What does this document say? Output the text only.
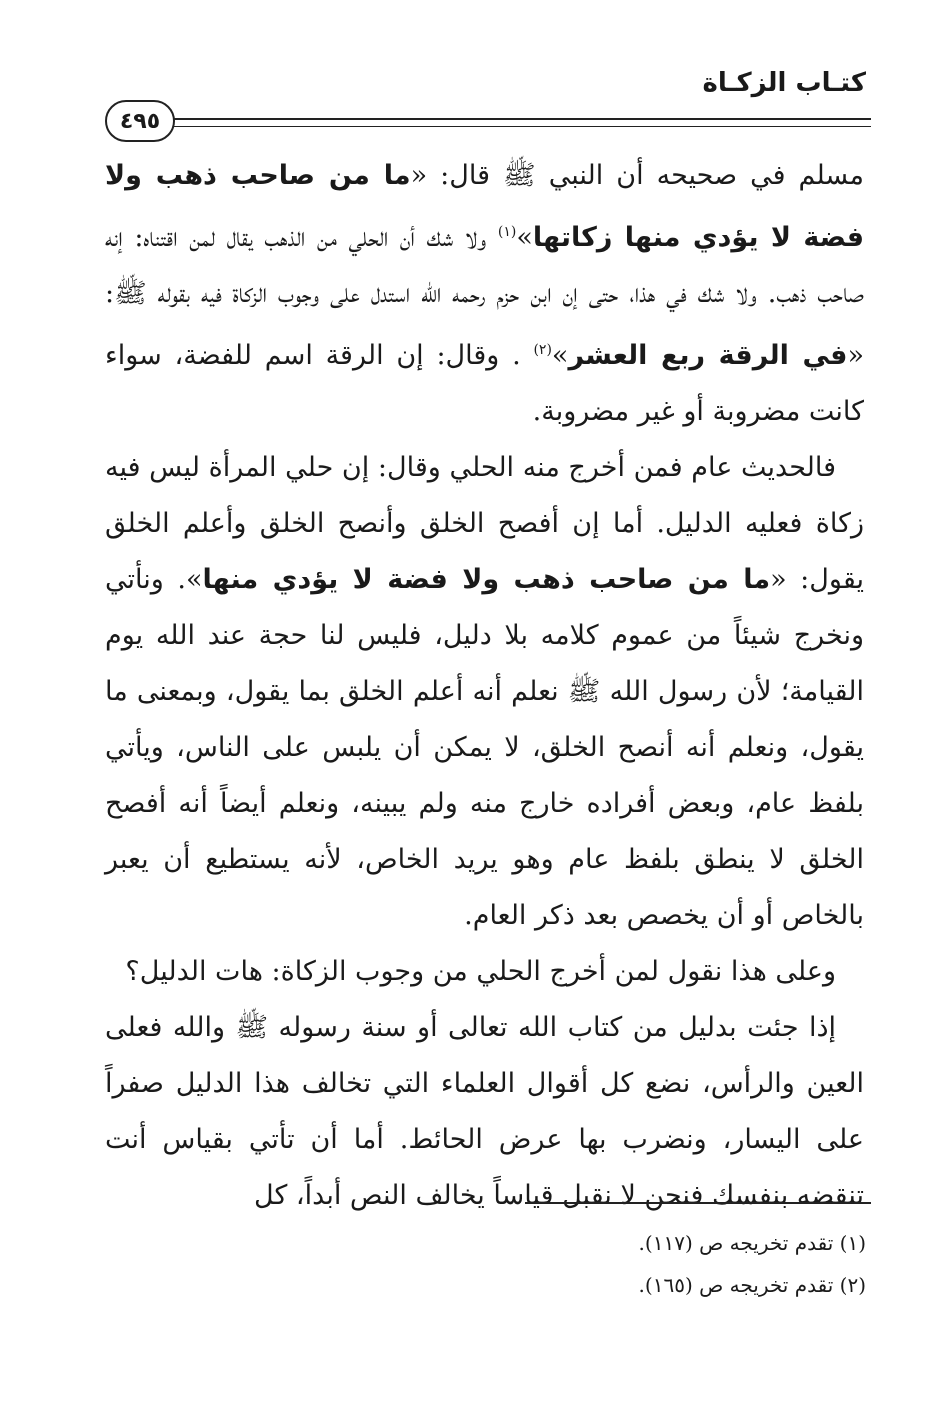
كتـاب الزكـاة
٤٩٥

مسلم في صحيحه أن النبي ﷺ قال: «ما من صاحب ذهب ولا فضة لا يؤدي منها زكاتها»$^{(١)}$ ولا شك أن الحلي من الذهب يقال لمن اقتناه: إنه صاحب ذهب. ولا شك في هذا، حتى إن ابن حزم رحمه الله استدل على وجوب الزكاة فيه بقوله ﷺ: «في الرقة ربع العشر»$^{(٢)}$ . وقال: إن الرقة اسم للفضة، سواء كانت مضروبة أو غير مضروبة.

فالحديث عام فمن أخرج منه الحلي وقال: إن حلي المرأة ليس فيه زكاة فعليه الدليل. أما إن أفصح الخلق وأنصح الخلق وأعلم الخلق يقول: «ما من صاحب ذهب ولا فضة لا يؤدي منها». ونأتي ونخرج شيئاً من عموم كلامه بلا دليل، فليس لنا حجة عند الله يوم القيامة؛ لأن رسول الله ﷺ نعلم أنه أعلم الخلق بما يقول، وبمعنى ما يقول، ونعلم أنه أنصح الخلق، لا يمكن أن يلبس على الناس، ويأتي بلفظ عام، وبعض أفراده خارج منه ولم يبينه، ونعلم أيضاً أنه أفصح الخلق لا ينطق بلفظ عام وهو يريد الخاص، لأنه يستطيع أن يعبر بالخاص أو أن يخصص بعد ذكر العام.

وعلى هذا نقول لمن أخرج الحلي من وجوب الزكاة: هات الدليل؟

إذا جئت بدليل من كتاب الله تعالى أو سنة رسوله ﷺ والله فعلى العين والرأس، نضع كل أقوال العلماء التي تخالف هذا الدليل صفراً على اليسار، ونضرب بها عرض الحائط. أما أن تأتي بقياس أنت تنقضه بنفسك فنحن لا نقبل قياساً يخالف النص أبداً، كل

(١) تقدم تخريجه ص (١١٧).
(٢) تقدم تخريجه ص (١٦٥).
